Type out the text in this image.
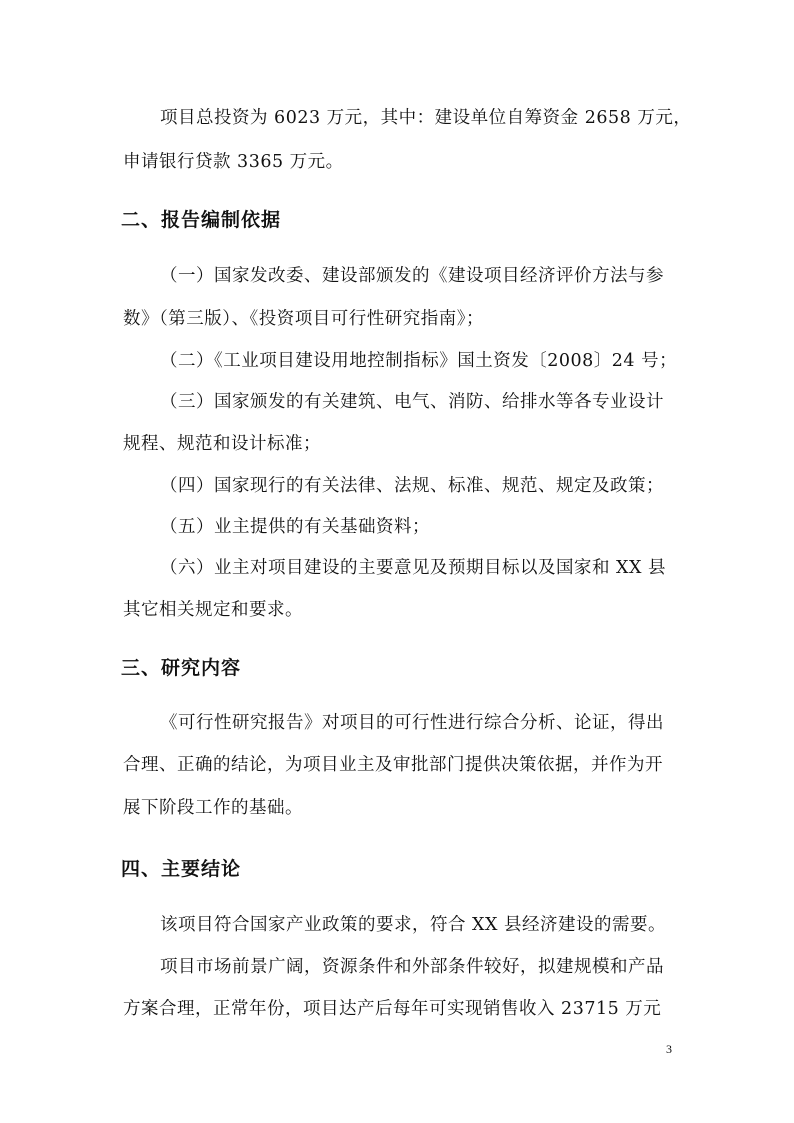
项目总投资为 6023 万元，其中：建设单位自筹资金 2658 万元，
申请银行贷款 3365 万元。
二、报告编制依据
（一）国家发改委、建设部颁发的《建设项目经济评价方法与参
数》（第三版）、《投资项目可行性研究指南》；
（二）《工业项目建设用地控制指标》国土资发〔2008〕24 号；
（三）国家颁发的有关建筑、电气、消防、给排水等各专业设计
规程、规范和设计标准；
（四）国家现行的有关法律、法规、标准、规范、规定及政策；
（五）业主提供的有关基础资料；
（六）业主对项目建设的主要意见及预期目标以及国家和 XX 县
其它相关规定和要求。
三、研究内容
《可行性研究报告》对项目的可行性进行综合分析、论证，得出
合理、正确的结论，为项目业主及审批部门提供决策依据，并作为开
展下阶段工作的基础。
四、主要结论
该项目符合国家产业政策的要求，符合 XX 县经济建设的需要。
项目市场前景广阔，资源条件和外部条件较好，拟建规模和产品
方案合理，正常年份，项目达产后每年可实现销售收入 23715 万元
3
